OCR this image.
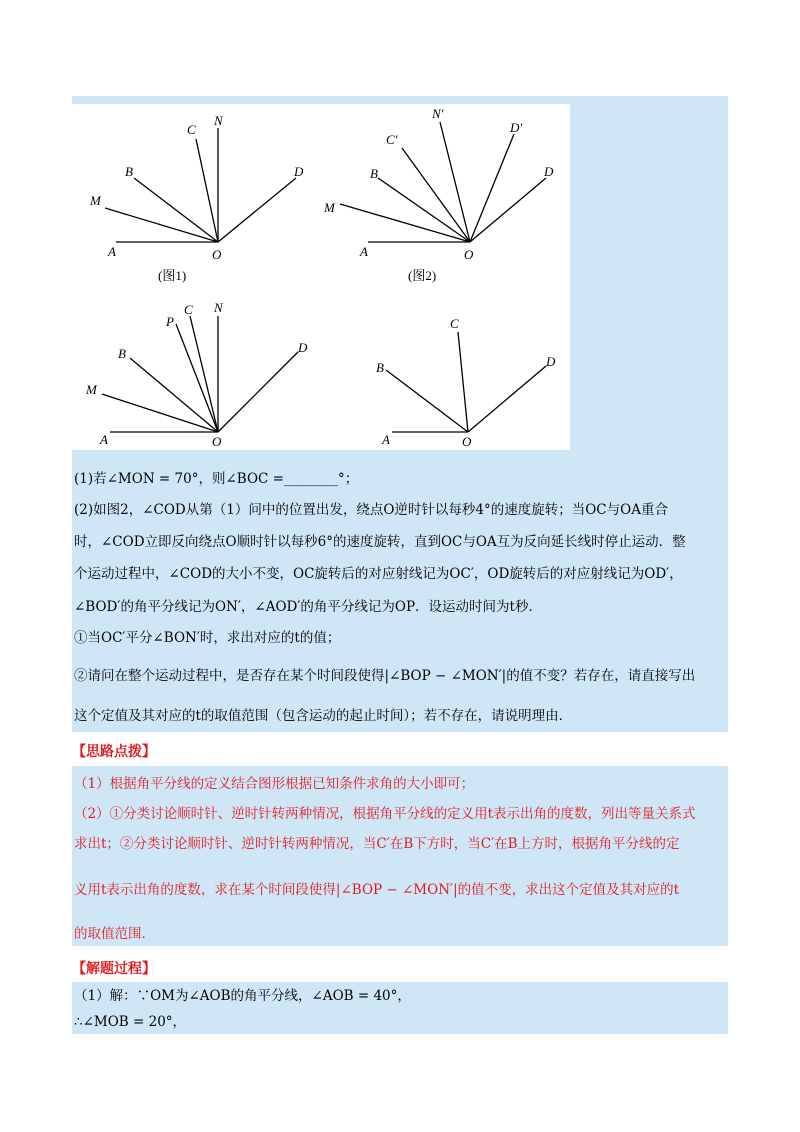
A	O
M
B
C
N
D
(图1)
A	O
M
B
C′
N′
D′
D
(图2)
A	O
M
B
P
C N
D
A	O
B
C
D
(1)若∠MON = 70°，则∠BOC =________°；
(2)如图2，∠COD从第（1）问中的位置出发，绕点O逆时针以每秒4°的速度旋转；当OC与OA重合
时，∠COD立即反向绕点O顺时针以每秒6°的速度旋转，直到OC与OA互为反向延长线时停止运动．整
个运动过程中，∠COD的大小不变，OC旋转后的对应射线记为OC′，OD旋转后的对应射线记为OD′，
∠BOD′的角平分线记为ON′，∠AOD′的角平分线记为OP．设运动时间为t秒．
①当OC′平分∠BON′时，求出对应的t的值；
②请问在整个运动过程中，是否存在某个时间段使得|∠BOP − ∠MON′|的值不变？若存在，请直接写出
这个定值及其对应的t的取值范围（包含运动的起止时间）；若不存在，请说明理由．
【思路点拨】
（1）根据角平分线的定义结合图形根据已知条件求角的大小即可；
（2）①分类讨论顺时针、逆时针转两种情况，根据角平分线的定义用t表示出角的度数，列出等量关系式
求出t；②分类讨论顺时针、逆时针转两种情况，当C′在B下方时，当C′在B上方时，根据角平分线的定
义用t表示出角的度数，求在某个时间段使得|∠BOP − ∠MON′|的值不变，求出这个定值及其对应的t
的取值范围．
【解题过程】
（1）解：∵OM为∠AOB的角平分线，∠AOB = 40°，
∴∠MOB = 20°，
